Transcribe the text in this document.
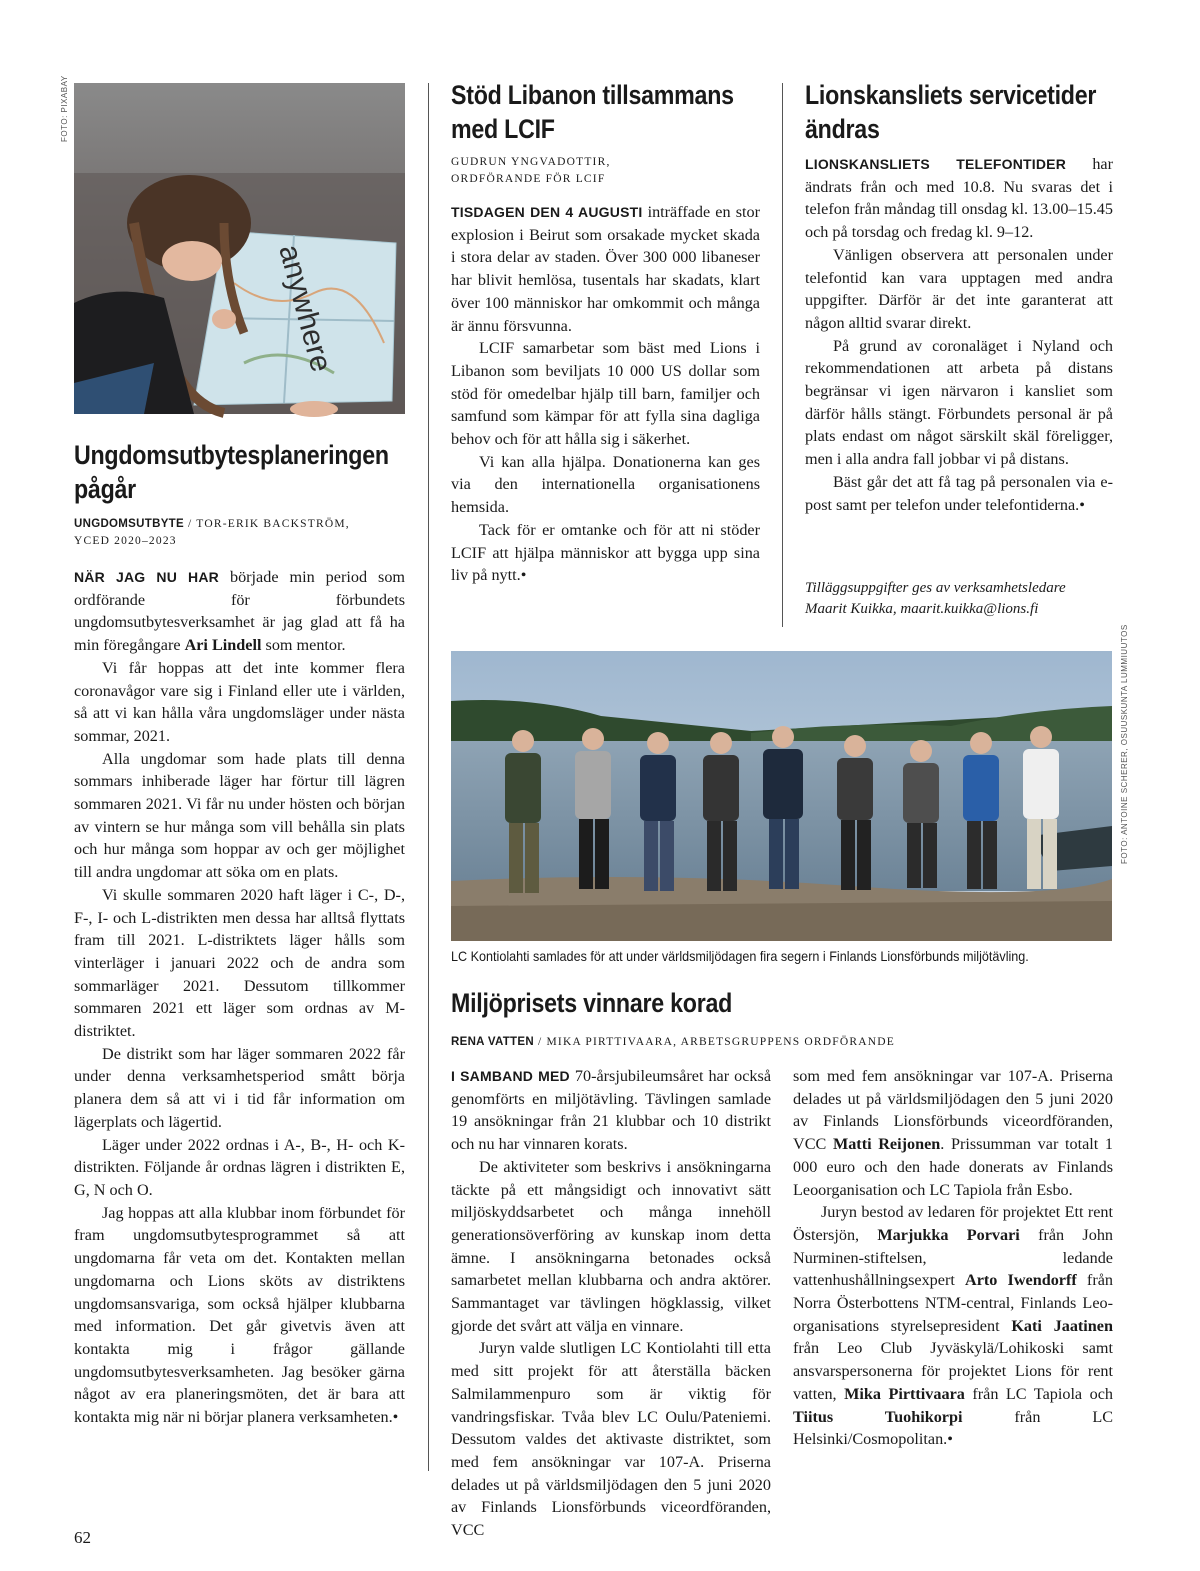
FOTO: PIXABAY
anywhere
Ungdomsutbytesplaneringen
pågår
UNGDOMSUTBYTE / TOR-ERIK BACKSTRÖM,
YCED 2020–2023

NÄR JAG NU HAR började min period som ordförande för förbundets ungdomsutbytesverksamhet är jag glad att få ha min föregångare Ari Lindell som mentor.

Vi får hoppas att det inte kommer flera coronavågor vare sig i Finland eller ute i världen, så att vi kan hålla våra ungdomsläger under nästa sommar, 2021.

Alla ungdomar som hade plats till denna sommars inhiberade läger har förtur till lägren sommaren 2021. Vi får nu under hösten och början av vintern se hur många som vill behålla sin plats och hur många som hoppar av och ger möjlighet till andra ungdomar att söka om en plats.

Vi skulle sommaren 2020 haft läger i C-, D-, F-, I- och L-distrikten men dessa har alltså flyttats fram till 2021. L-distriktets läger hålls som vinterläger i januari 2022 och de andra som sommarläger 2021. Dessutom tillkommer sommaren 2021 ett läger som ordnas av M-distriktet.

De distrikt som har läger sommaren 2022 får under denna verksamhetsperiod smått börja planera dem så att vi i tid får information om lägerplats och lägertid.

Läger under 2022 ordnas i A-, B-, H- och K-distrikten. Följande år ordnas lägren i distrikten E, G, N och O.

Jag hoppas att alla klubbar inom förbundet för fram ungdomsutbytesprogrammet så att ungdomarna får veta om det. Kontakten mellan ungdomarna och Lions sköts av distriktens ungdomsansvariga, som också hjälper klubbarna med information. Det går givetvis även att kontakta mig i frågor gällande ungdomsutbytesverksamheten. Jag besöker gärna något av era planeringsmöten, det är bara att kontakta mig när ni börjar planera verksamheten.•

Stöd Libanon tillsammans
med LCIF
GUDRUN YNGVADOTTIR,
ORDFÖRANDE FÖR LCIF

TISDAGEN DEN 4 AUGUSTI inträffade en stor explosion i Beirut som orsakade mycket skada i stora delar av staden. Över 300 000 libaneser har blivit hemlösa, tusentals har skadats, klart över 100 människor har omkommit och många är ännu försvunna.

LCIF samarbetar som bäst med Lions i Libanon som beviljats 10 000 US dollar som stöd för omedelbar hjälp till barn, familjer och samfund som kämpar för att fylla sina dagliga behov och för att hålla sig i säkerhet.

Vi kan alla hjälpa. Donationerna kan ges via den internationella organisationens hemsida.

Tack för er omtanke och för att ni stöder LCIF att hjälpa människor att bygga upp sina liv på nytt.•

Lionskansliets servicetider
ändras

LIONSKANSLIETS TELEFONTIDER har ändrats från och med 10.8. Nu svaras det i telefon från måndag till onsdag kl. 13.00–15.45 och på torsdag och fredag kl. 9–12.

Vänligen observera att personalen under telefontid kan vara upptagen med andra uppgifter. Därför är det inte garanterat att någon alltid svarar direkt.

På grund av coronaläget i Nyland och rekommendationen att arbeta på distans begränsar vi igen närvaron i kansliet som därför hålls stängt. Förbundets personal är på plats endast om något särskilt skäl föreligger, men i alla andra fall jobbar vi på distans.

Bäst går det att få tag på personalen via e- post samt per telefon under telefontiderna.•

Tilläggsuppgifter ges av verksamhetsledare
Maarit Kuikka, maarit.kuikka@lions.fi
FOTO: ANTOINE SCHERER, OSUUSKUNTA LUMMIUUTOS
LC Kontiolahti samlades för att under världsmiljödagen fira segern i Finlands Lionsförbunds miljötävling.
Miljöprisets vinnare korad
RENA VATTEN / MIKA PIRTTIVAARA, ARBETSGRUPPENS ORDFÖRANDE

I SAMBAND MED 70-årsjubileumsåret har också genomförts en miljötävling. Tävlingen samlade 19 ansökningar från 21 klubbar och 10 distrikt och nu har vinnaren korats.

De aktiviteter som beskrivs i ansökningarna täckte på ett mångsidigt och innovativt sätt miljöskyddsarbetet och många innehöll generationsöverföring av kunskap inom detta ämne. I ansökningarna betonades också samarbetet mellan klubbarna och andra aktörer. Sammantaget var tävlingen högklassig, vilket gjorde det svårt att välja en vinnare.

Juryn valde slutligen LC Kontiolahti till etta med sitt projekt för att återställa bäcken Salmilammenpuro som är viktig för vandringsfiskar. Tvåa blev LC Oulu/Pateniemi. Dessutom valdes det aktivaste distriktet, som med fem ansökningar var 107-A. Priserna delades ut på världsmiljödagen den 5 juni 2020 av Finlands Lionsförbunds viceordföranden, VCC

som med fem ansökningar var 107-A. Priserna delades ut på världsmiljödagen den 5 juni 2020 av Finlands Lionsförbunds viceordföranden, VCC Matti Reijonen. Prissumman var totalt 1 000 euro och den hade donerats av Finlands Leoorganisation och LC Tapiola från Esbo.

Juryn bestod av ledaren för projektet Ett rent Östersjön, Marjukka Porvari från John Nurminen-stiftelsen, ledande vattenhushållningsexpert Arto Iwendorff från Norra Österbottens NTM-central, Finlands Leo-organisations styrelsepresident Kati Jaatinen från Leo Club Jyväskylä/Lohikoski samt ansvarspersonerna för projektet Lions för rent vatten, Mika Pirttivaara från LC Tapiola och Tiitus Tuohikorpi från LC Helsinki/Cosmopolitan.•

62
